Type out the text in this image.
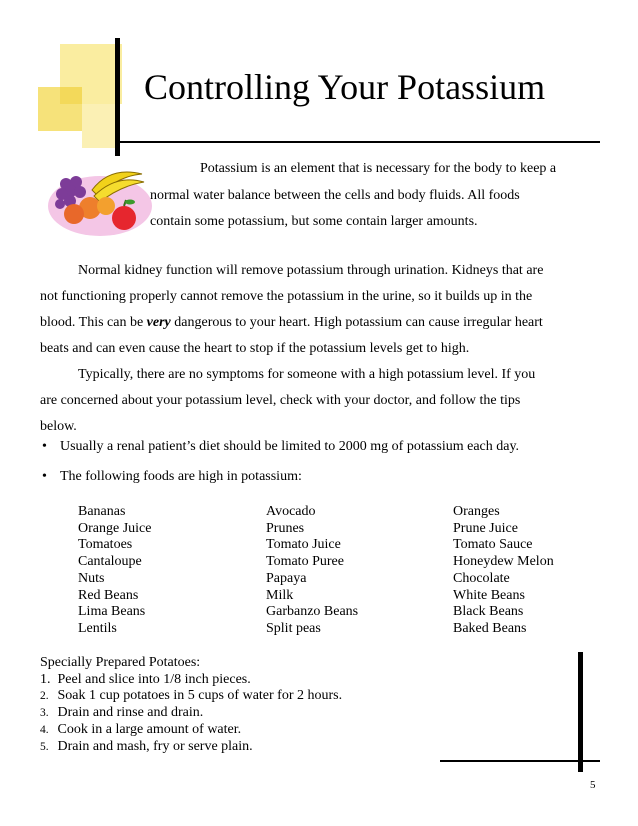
Controlling Your Potassium
Potassium is an element that is necessary for the body to keep a
normal water balance between the cells and body fluids. All foods
contain some potassium, but some contain larger amounts.
Normal kidney function will remove potassium through urination. Kidneys that are
not functioning properly cannot remove the potassium in the urine, so it builds up in the
blood. This can be very dangerous to your heart. High potassium can cause irregular heart
beats and can even cause the heart to stop if the potassium levels get to high.
Typically, there are no symptoms for someone with a high potassium level. If you
are concerned about your potassium level, check with your doctor, and follow the tips
below.
• Usually a renal patient’s diet should be limited to 2000 mg of potassium each day.
• The following foods are high in potassium:
Bananas
Orange Juice
Tomatoes
Cantaloupe
Nuts
Red Beans
Lima Beans
Lentils
Avocado
Prunes
Tomato Juice
Tomato Puree
Papaya
Milk
Garbanzo Beans
Split peas
Oranges
Prune Juice
Tomato Sauce
Honeydew Melon
Chocolate
White Beans
Black Beans
Baked Beans
Specially Prepared Potatoes:
1. Peel and slice into 1/8 inch pieces.
2. Soak 1 cup potatoes in 5 cups of water for 2 hours.
3. Drain and rinse and drain.
4. Cook in a large amount of water.
5. Drain and mash, fry or serve plain.
5
